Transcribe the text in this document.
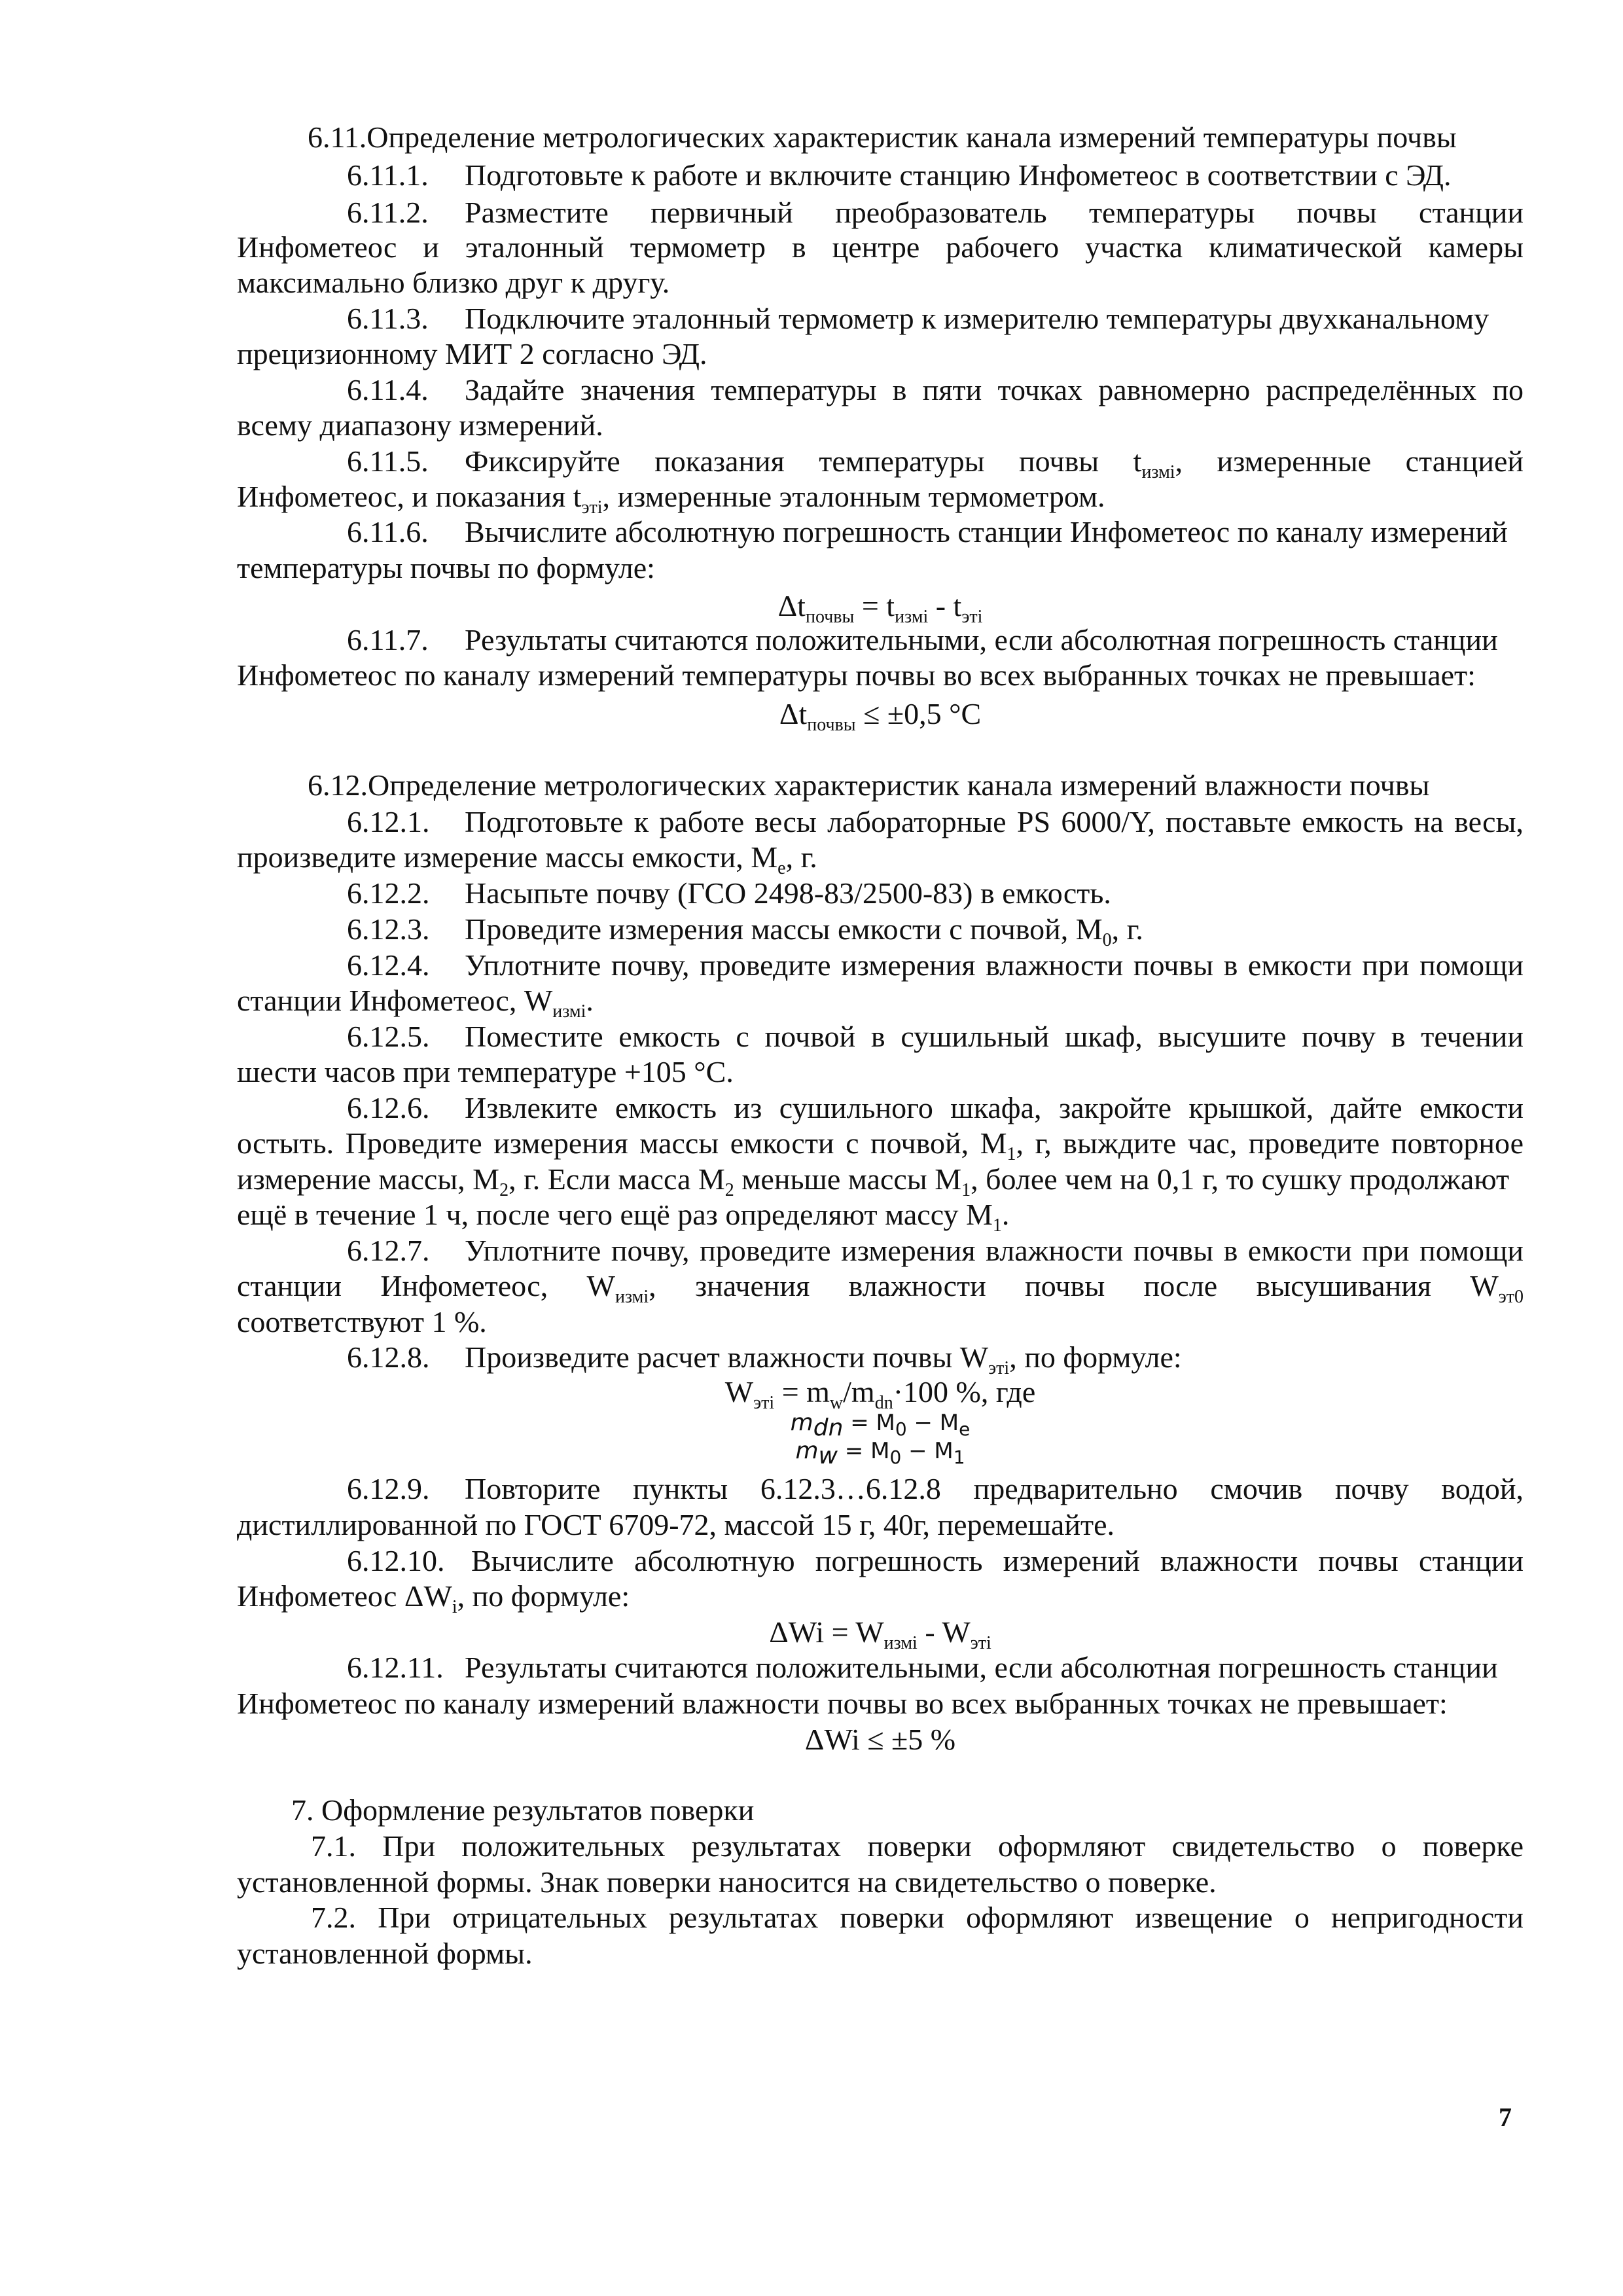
6.11.Определение метрологических характеристик канала измерений температуры почвы

6.11.1. Подготовьте к работе и включите станцию Инфометеос в соответствии с ЭД.

6.11.2. Разместите первичный преобразователь температуры почвы станции

Инфометеос и эталонный термометр в центре рабочего участка климатической камеры

максимально близко друг к другу.

6.11.3. Подключите эталонный термометр к измерителю температуры двухканальному

прецизионному МИТ 2 согласно ЭД.

6.11.4. Задайте значения температуры в пяти точках равномерно распределённых по

всему диапазону измерений.

6.11.5. Фиксируйте показания температуры почвы $t_{измi}$, измеренные станцией

Инфометеос, и показания $t_{эті}$, измеренные эталонным термометром.

6.11.6. Вычислите абсолютную погрешность станции Инфометеос по каналу измерений

температуры почвы по формуле:

$\Delta t_{почвы} = t_{измi} - t_{эті}$

6.11.7. Результаты считаются положительными, если абсолютная погрешность станции

Инфометеос по каналу измерений температуры почвы во всех выбранных точках не превышает:

$\Delta t_{почвы} \le \pm 0,5$ °C

6.12.Определение метрологических характеристик канала измерений влажности почвы

6.12.1. Подготовьте к работе весы лабораторные PS 6000/Y, поставьте емкость на весы,

произведите измерение массы емкости, $M_e$, г.

6.12.2. Насыпьте почву (ГСО 2498-83/2500-83) в емкость.

6.12.3. Проведите измерения массы емкости с почвой, $M_0$, г.

6.12.4. Уплотните почву, проведите измерения влажности почвы в емкости при помощи

станции Инфометеос, $W_{измi}$.

6.12.5. Поместите емкость с почвой в сушильный шкаф, высушите почву в течении

шести часов при температуре +105 °C.

6.12.6. Извлеките емкость из сушильного шкафа, закройте крышкой, дайте емкости

остыть. Проведите измерения массы емкости с почвой, $M_1$, г, выждите час, проведите повторное

измерение массы, $M_2$, г. Если масса $M_2$ меньше массы $M_1$, более чем на 0,1 г, то сушку продолжают

ещё в течение 1 ч, после чего ещё раз определяют массу $M_1$.

6.12.7. Уплотните почву, проведите измерения влажности почвы в емкости при помощи

станции Инфометеос, $W_{измi}$, значения влажности почвы после высушивания $W_{эт0}$

соответствуют 1 %.

6.12.8. Произведите расчет влажности почвы $W_{эті}$, по формуле:

$W_{эті} = m_w/m_{dn}\cdot 100$ %, где

$m_{dn} = M_0 - M_e$

$m_w = M_0 - M_1$

6.12.9. Повторите пункты 6.12.3…6.12.8 предварительно смочив почву водой,

дистиллированной по ГОСТ 6709-72, массой 15 г, 40г, перемешайте.

6.12.10. Вычислите абсолютную погрешность измерений влажности почвы станции

Инфометеос $\Delta W_i$, по формуле:

$\Delta Wi = W_{измi} - W_{эті}$

6.12.11. Результаты считаются положительными, если абсолютная погрешность станции

Инфометеос по каналу измерений влажности почвы во всех выбранных точках не превышает:

ΔWi ≤ ±5 %

7. Оформление результатов поверки

7.1. При положительных результатах поверки оформляют свидетельство о поверке

установленной формы. Знак поверки наносится на свидетельство о поверке.

7.2. При отрицательных результатах поверки оформляют извещение о непригодности

установленной формы.

7
